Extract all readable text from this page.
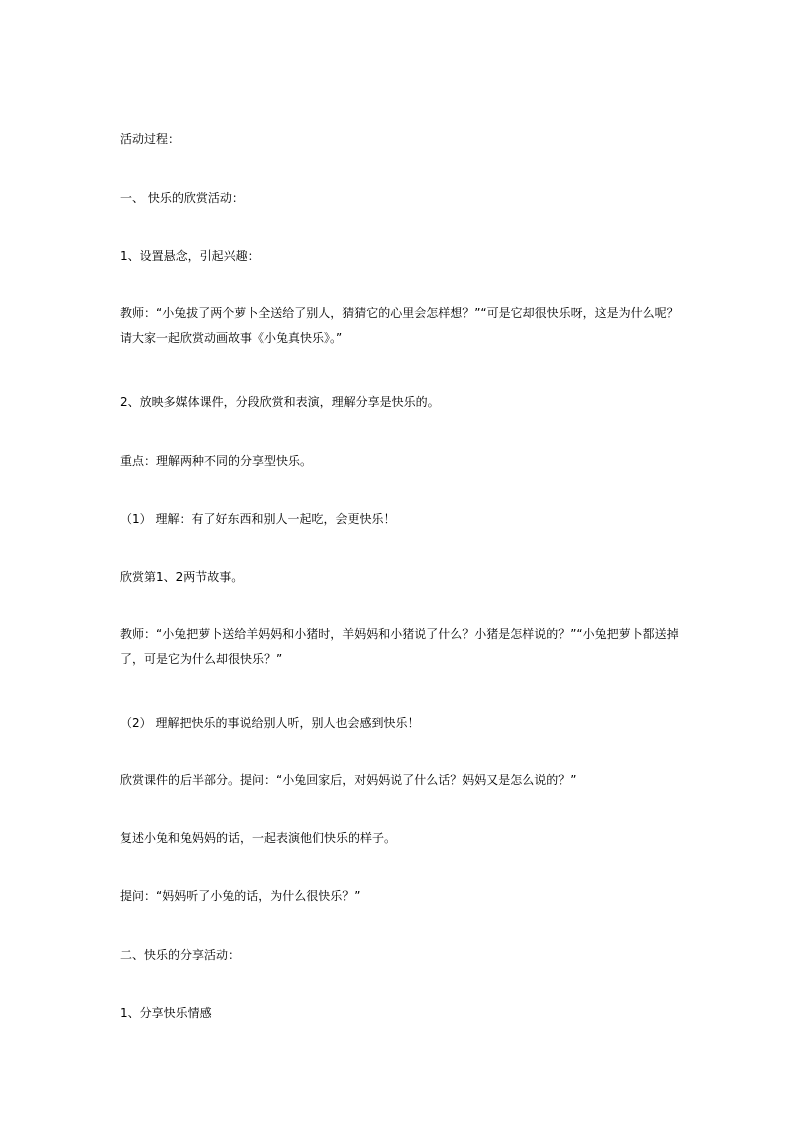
活动过程：

一、 快乐的欣赏活动：

1、设置悬念，引起兴趣：

教师：“小兔拔了两个萝卜全送给了别人，猜猜它的心里会怎样想？”“可是它却很快乐呀，这是为什么呢？请大家一起欣赏动画故事《小兔真快乐》。”

2、放映多媒体课件，分段欣赏和表演，理解分享是快乐的。

重点：理解两种不同的分享型快乐。

（1） 理解：有了好东西和别人一起吃，会更快乐！

欣赏第1、2两节故事。

教师：“小兔把萝卜送给羊妈妈和小猪时，羊妈妈和小猪说了什么？小猪是怎样说的？”“小兔把萝卜都送掉了，可是它为什么却很快乐？”

（2） 理解把快乐的事说给别人听，别人也会感到快乐！

欣赏课件的后半部分。提问：“小兔回家后，对妈妈说了什么话？妈妈又是怎么说的？”

复述小兔和兔妈妈的话，一起表演他们快乐的样子。

提问：“妈妈听了小兔的话，为什么很快乐？”

二、快乐的分享活动：

1、分享快乐情感
